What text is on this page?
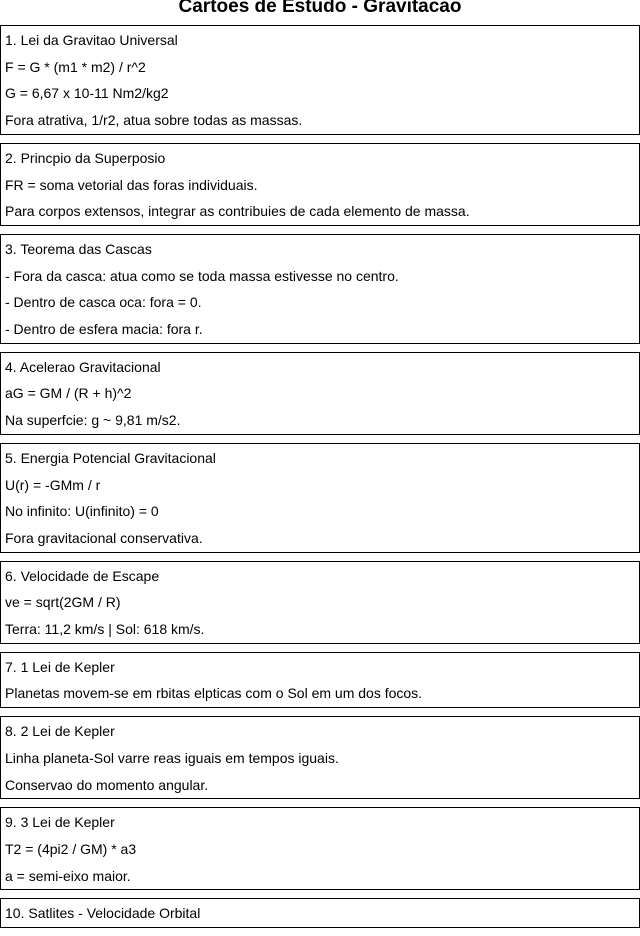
Cartoes de Estudo - Gravitacao
1. Lei da Gravitao Universal
F = G * (m1 * m2) / r^2
G = 6,67 x 10-11 Nm2/kg2
Fora atrativa, 1/r2, atua sobre todas as massas.
2. Princpio da Superposio
FR = soma vetorial das foras individuais.
Para corpos extensos, integrar as contribuies de cada elemento de massa.
3. Teorema das Cascas
- Fora da casca: atua como se toda massa estivesse no centro.
- Dentro de casca oca: fora = 0.
- Dentro de esfera macia: fora r.
4. Acelerao Gravitacional
aG = GM / (R + h)^2
Na superfcie: g ~ 9,81 m/s2.
5. Energia Potencial Gravitacional
U(r) = -GMm / r
No infinito: U(infinito) = 0
Fora gravitacional conservativa.
6. Velocidade de Escape
ve = sqrt(2GM / R)
Terra: 11,2 km/s | Sol: 618 km/s.
7. 1 Lei de Kepler
Planetas movem-se em rbitas elpticas com o Sol em um dos focos.
8. 2 Lei de Kepler
Linha planeta-Sol varre reas iguais em tempos iguais.
Conservao do momento angular.
9. 3 Lei de Kepler
T2 = (4pi2 / GM) * a3
a = semi-eixo maior.
10. Satlites - Velocidade Orbital
